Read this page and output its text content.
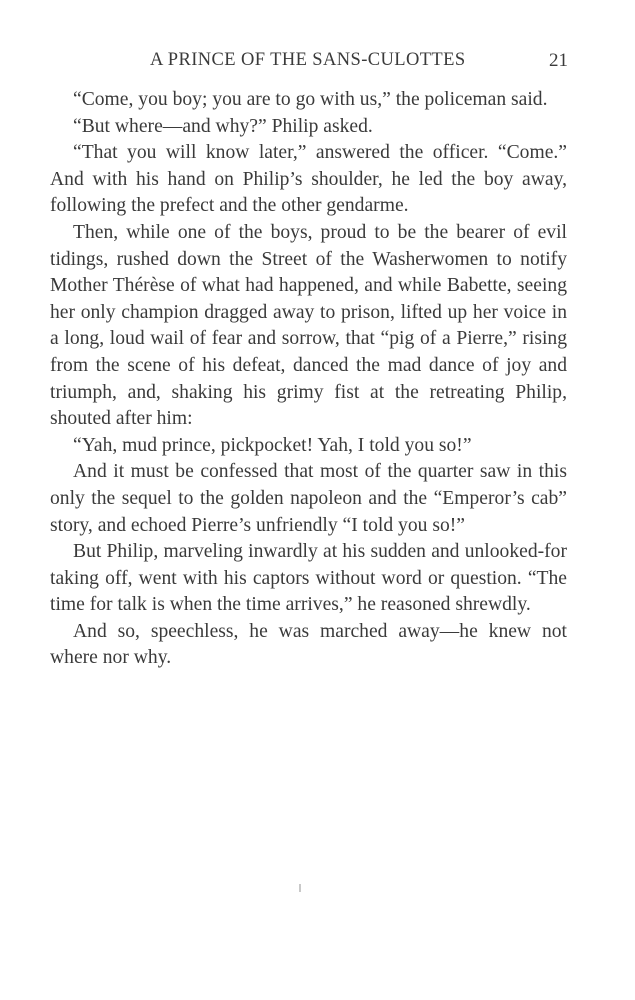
A PRINCE OF THE SANS-CULOTTES	21

“Come, you boy; you are to go with us,” the policeman said.

“But where—and why?” Philip asked.

“That you will know later,” answered the officer. “Come.” And with his hand on Philip’s shoulder, he led the boy away, following the prefect and the other gendarme.

Then, while one of the boys, proud to be the bearer of evil tidings, rushed down the Street of the Washerwomen to notify Mother Thérèse of what had happened, and while Babette, seeing her only champion dragged away to prison, lifted up her voice in a long, loud wail of fear and sorrow, that “pig of a Pierre,” rising from the scene of his defeat, danced the mad dance of joy and triumph, and, shaking his grimy fist at the retreating Philip, shouted after him:

“Yah, mud prince, pickpocket! Yah, I told you so!”

And it must be confessed that most of the quarter saw in this only the sequel to the golden napoleon and the “Emperor’s cab” story, and echoed Pierre’s unfriendly “I told you so!”

But Philip, marveling inwardly at his sudden and unlooked-for taking off, went with his captors without word or question. “The time for talk is when the time arrives,” he reasoned shrewdly.

And so, speechless, he was marched away—he knew not where nor why.
